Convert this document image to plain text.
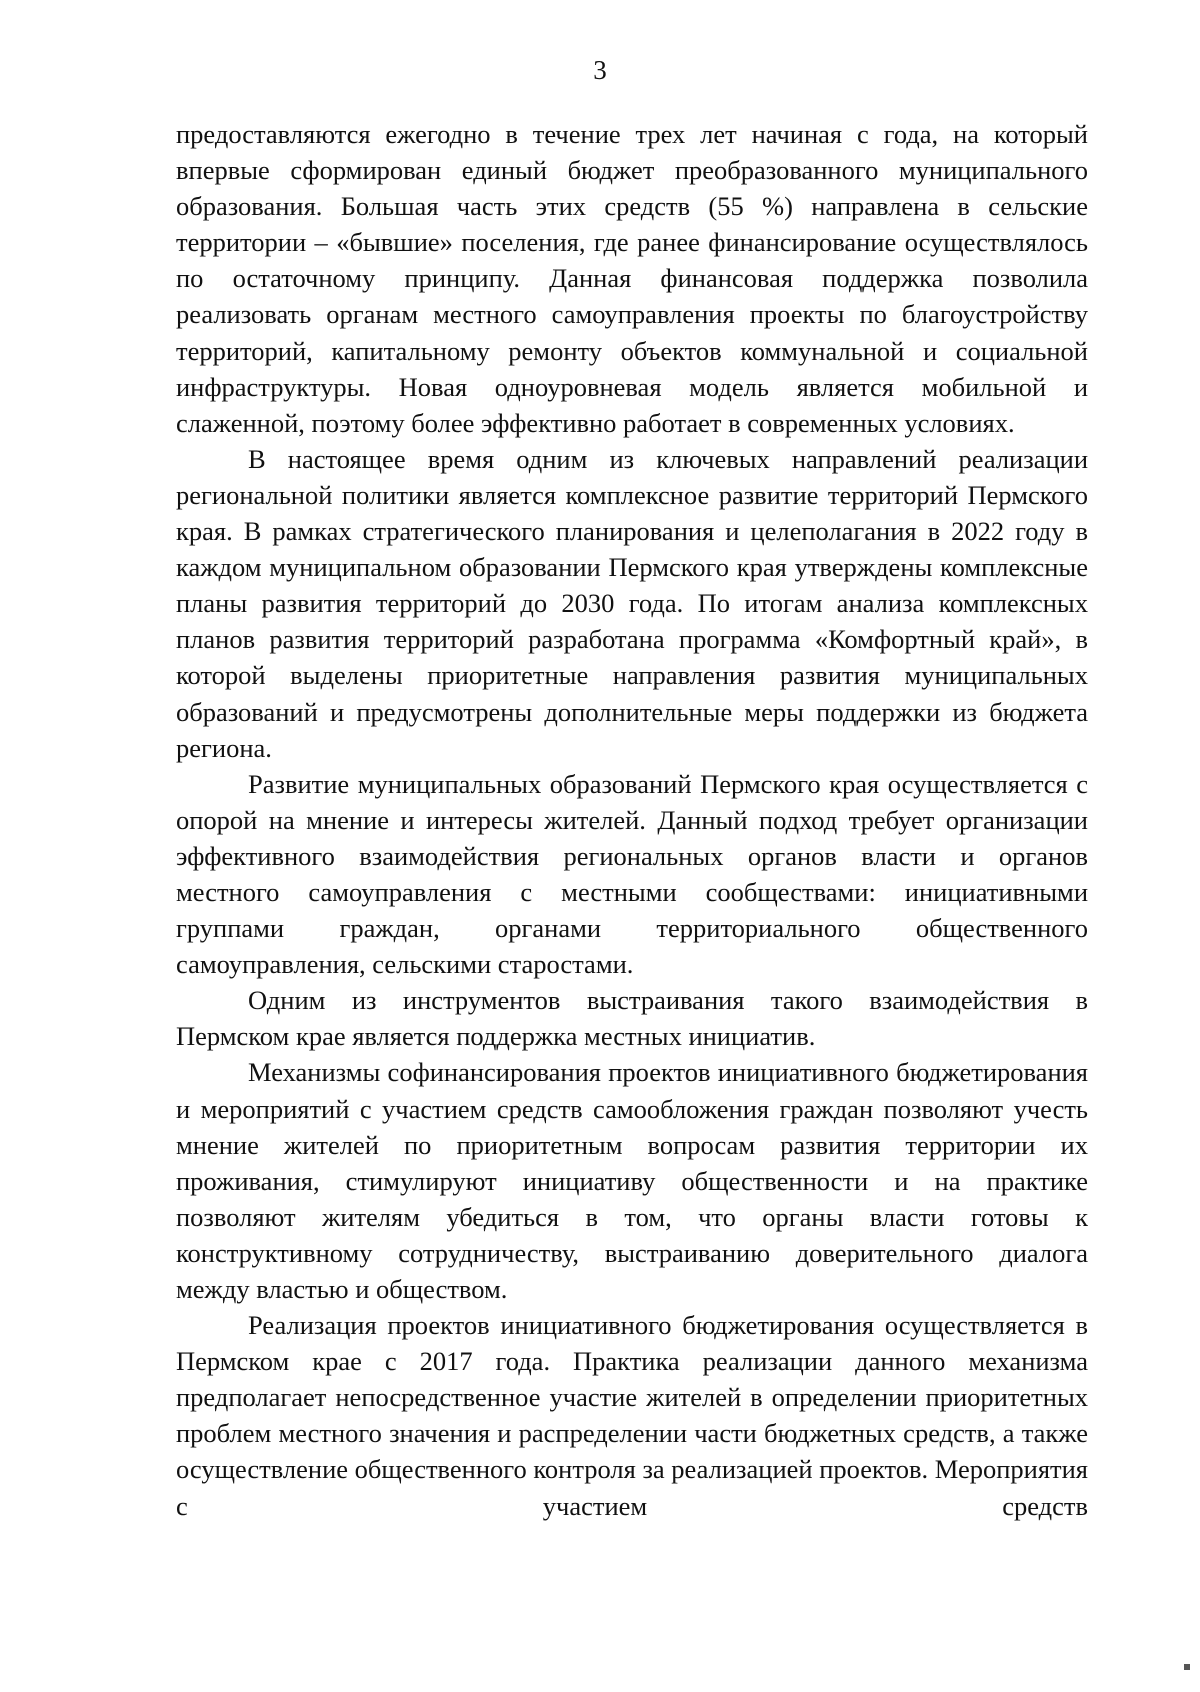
3

предоставляются ежегодно в течение трех лет начиная с года, на который впервые сформирован единый бюджет преобразованного муниципального образования. Большая часть этих средств (55 %) направлена в сельские территории – «бывшие» поселения, где ранее финансирование осуществлялось по остаточному принципу. Данная финансовая поддержка позволила реализовать органам местного самоуправления проекты по благоустройству территорий, капитальному ремонту объектов коммунальной и социальной инфраструктуры. Новая одноуровневая модель является мобильной и слаженной, поэтому более эффективно работает в современных условиях.

В настоящее время одним из ключевых направлений реализации региональной политики является комплексное развитие территорий Пермского края. В рамках стратегического планирования и целеполагания в 2022 году в каждом муниципальном образовании Пермского края утверждены комплексные планы развития территорий до 2030 года. По итогам анализа комплексных планов развития территорий разработана программа «Комфортный край», в которой выделены приоритетные направления развития муниципальных образований и предусмотрены дополнительные меры поддержки из бюджета региона.

Развитие муниципальных образований Пермского края осуществляется с опорой на мнение и интересы жителей. Данный подход требует организации эффективного взаимодействия региональных органов власти и органов местного самоуправления с местными сообществами: инициативными группами граждан, органами территориального общественного самоуправления, сельскими старостами.

Одним из инструментов выстраивания такого взаимодействия в Пермском крае является поддержка местных инициатив.

Механизмы софинансирования проектов инициативного бюджетирования и мероприятий с участием средств самообложения граждан позволяют учесть мнение жителей по приоритетным вопросам развития территории их проживания, стимулируют инициативу общественности и на практике позволяют жителям убедиться в том, что органы власти готовы к конструктивному сотрудничеству, выстраиванию доверительного диалога между властью и обществом.

Реализация проектов инициативного бюджетирования осуществляется в Пермском крае с 2017 года. Практика реализации данного механизма предполагает непосредственное участие жителей в определении приоритетных проблем местного значения и распределении части бюджетных средств, а также осуществление общественного контроля за реализацией проектов. Мероприятия с участием средств
